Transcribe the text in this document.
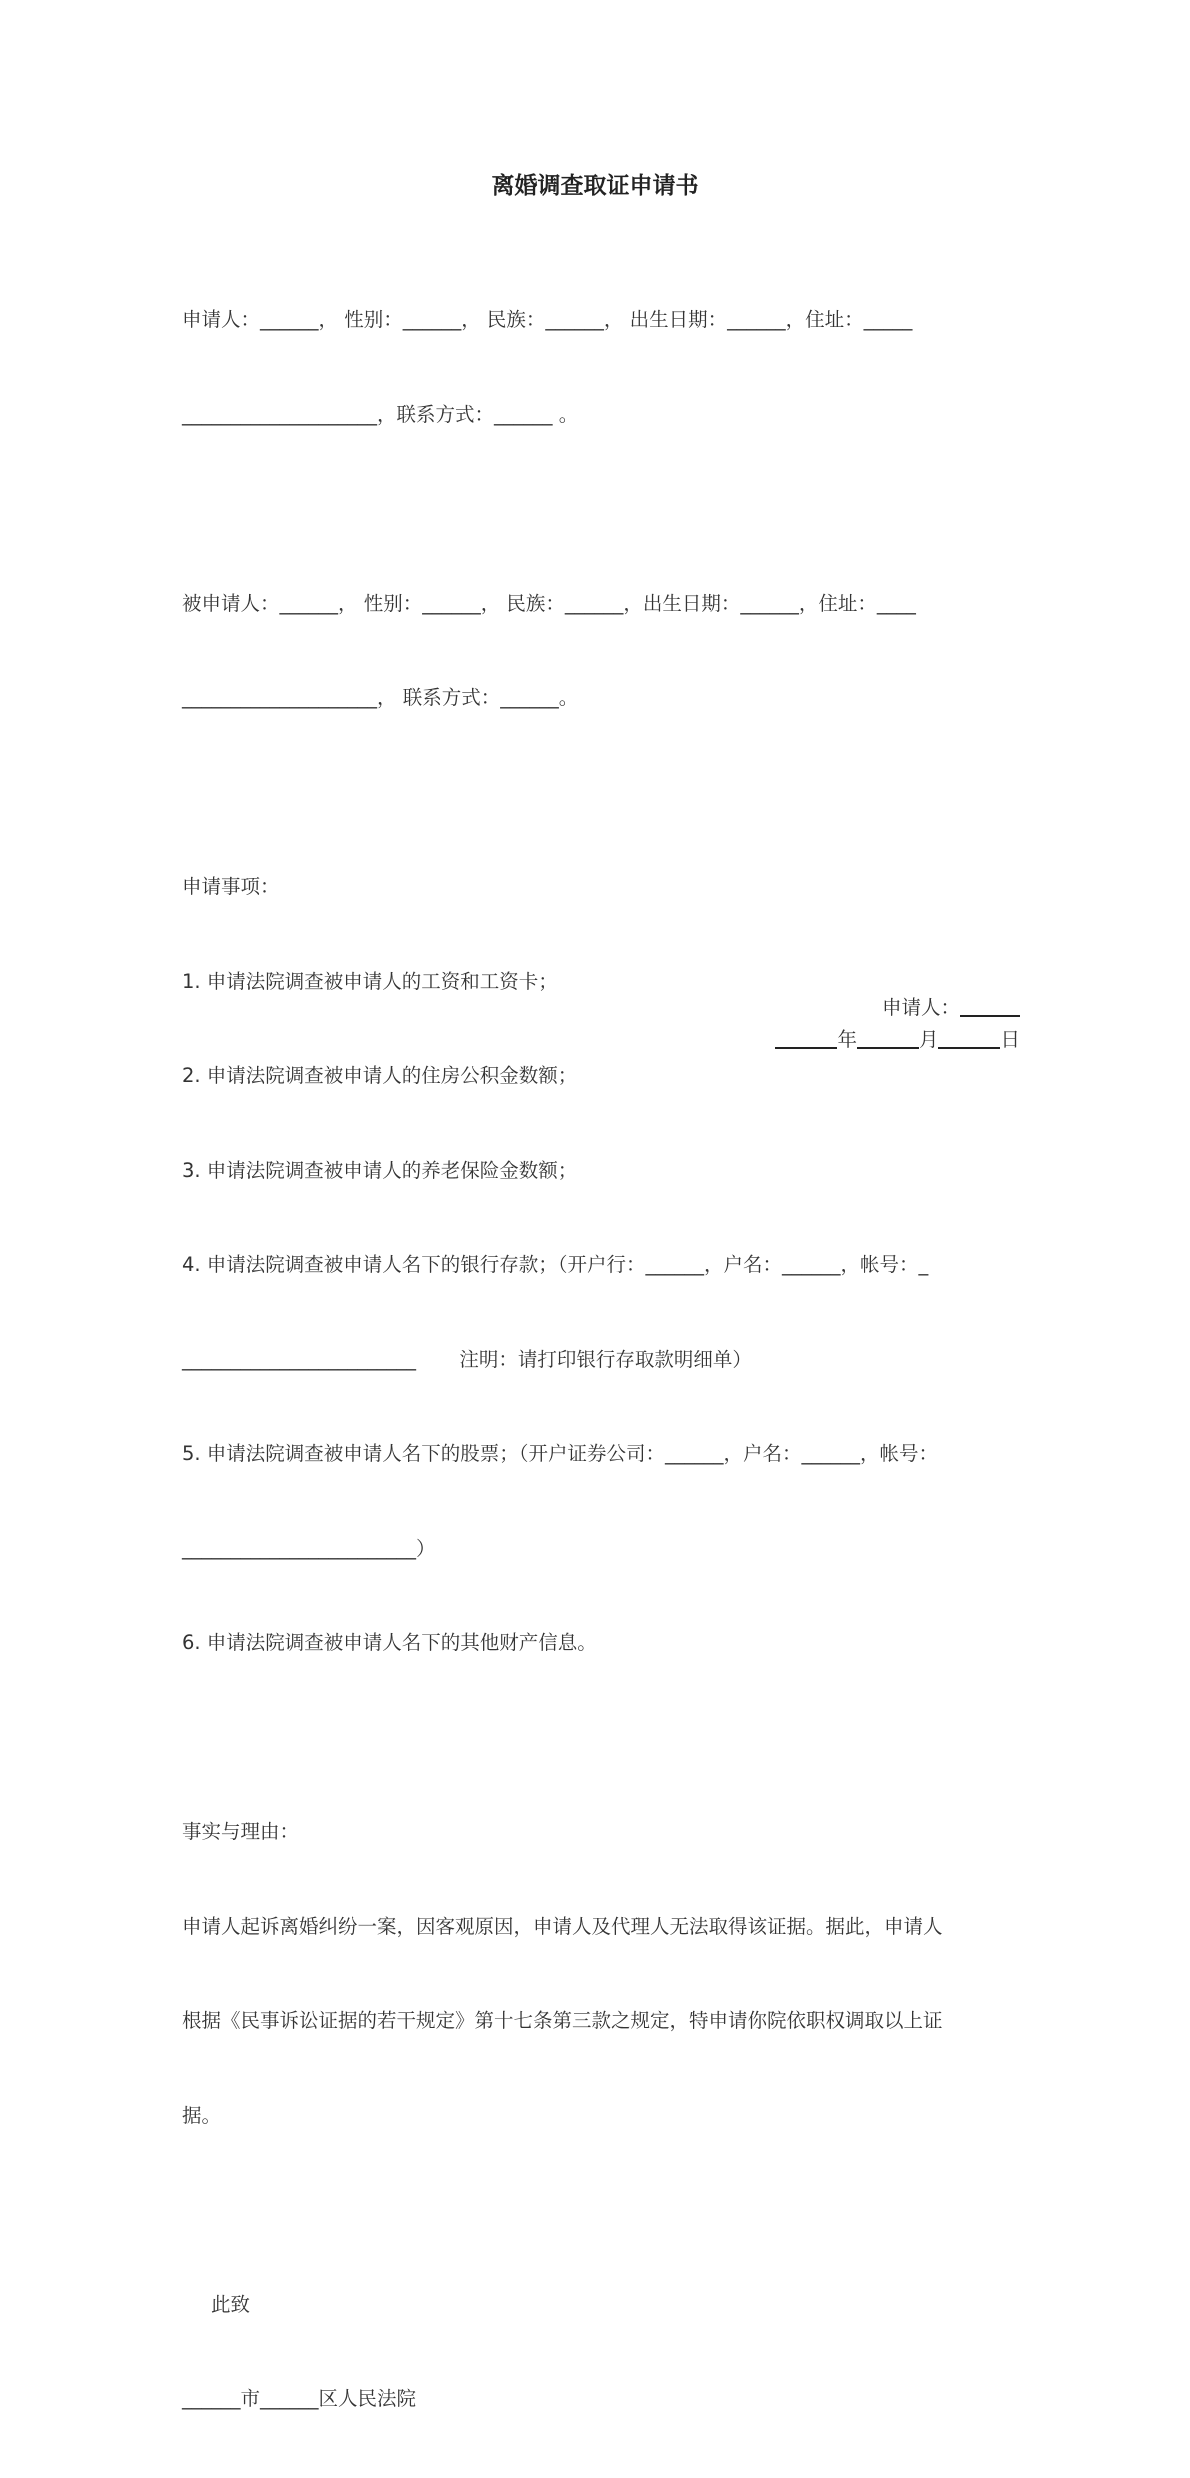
离婚调查取证申请书

申请人：______， 性别：______， 民族：______， 出生日期：______，住址：_____

____________________，联系方式：______ 。

被申请人：______， 性别：______， 民族：______，出生日期：______，住址：____

____________________， 联系方式：______。

申请事项：

1. 申请法院调查被申请人的工资和工资卡；

2. 申请法院调查被申请人的住房公积金数额；

3. 申请法院调查被申请人的养老保险金数额；

4. 申请法院调查被申请人名下的银行存款；（开户行：______，户名：______，帐号：_

________________________       注明：请打印银行存取款明细单）

5. 申请法院调查被申请人名下的股票；（开户证券公司：______，户名：______，帐号：

________________________）

6. 申请法院调查被申请人名下的其他财产信息。

事实与理由：

申请人起诉离婚纠纷一案，因客观原因，申请人及代理人无法取得该证据。据此，申请人

根据《民事诉讼证据的若干规定》第十七条第三款之规定，特申请你院依职权调取以上证

据。

此致

______市______区人民法院

申请人：
年	月	日
